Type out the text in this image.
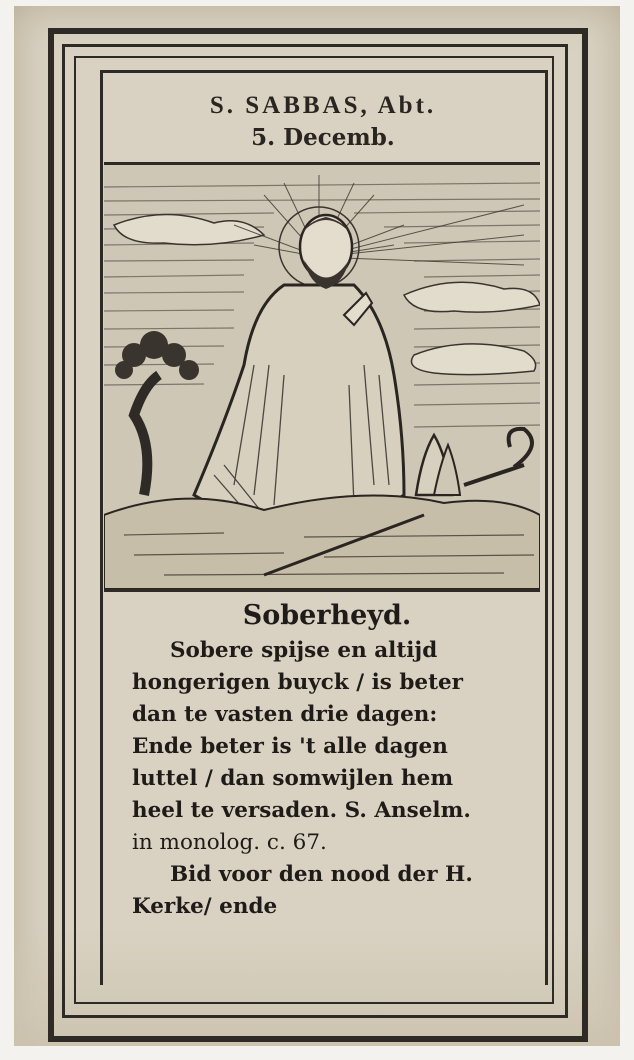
S. SABBAS, Abt.
5. Decemb.
Soberheyd.
Sobere spijse en altijd
hongerigen buyck / is beter
dan te vasten drie dagen:
Ende beter is 't alle dagen
luttel / dan somwijlen hem
heel te versaden. S. Anselm.
in monolog. c. 67.
Bid voor den nood der H.
Kerke/ ende
